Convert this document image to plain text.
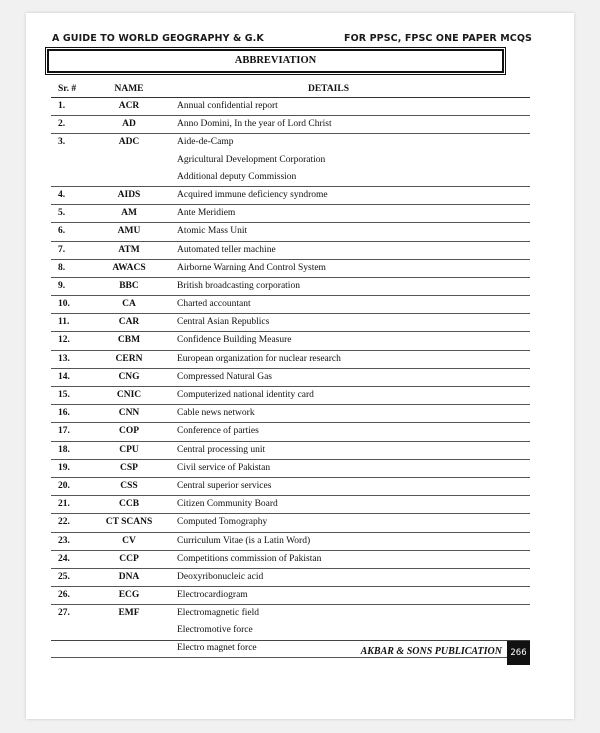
A GUIDE TO WORLD GEOGRAPHY & G.K	FOR PPSC, FPSC ONE PAPER MCQS
ABBREVIATION
Sr. #	NAME	DETAILS
1.	ACR	Annual confidential report
2.	AD	Anno Domini, In the year of Lord Christ
3.	ADC	Aide-de-Camp
Agricultural Development Corporation
Additional deputy Commission
4.	AIDS	Acquired immune deficiency syndrome
5.	AM	Ante Meridiem
6.	AMU	Atomic Mass Unit
7.	ATM	Automated teller machine
8.	AWACS	Airborne Warning And Control System
9.	BBC	British broadcasting corporation
10.	CA	Charted accountant
11.	CAR	Central Asian Republics
12.	CBM	Confidence Building Measure
13.	CERN	European organization for nuclear research
14.	CNG	Compressed Natural Gas
15.	CNIC	Computerized national identity card
16.	CNN	Cable news network
17.	COP	Conference of parties
18.	CPU	Central processing unit
19.	CSP	Civil service of Pakistan
20.	CSS	Central superior services
21.	CCB	Citizen Community Board
22.	CT SCANS	Computed Tomography
23.	CV	Curriculum Vitae (is a Latin Word)
24.	CCP	Competitions commission of Pakistan
25.	DNA	Deoxyribonucleic acid
26.	ECG	Electrocardiogram
27.	EMF	Electromagnetic field
Electromotive force
Electro magnet force	AKBAR & SONS PUBLICATION 266
